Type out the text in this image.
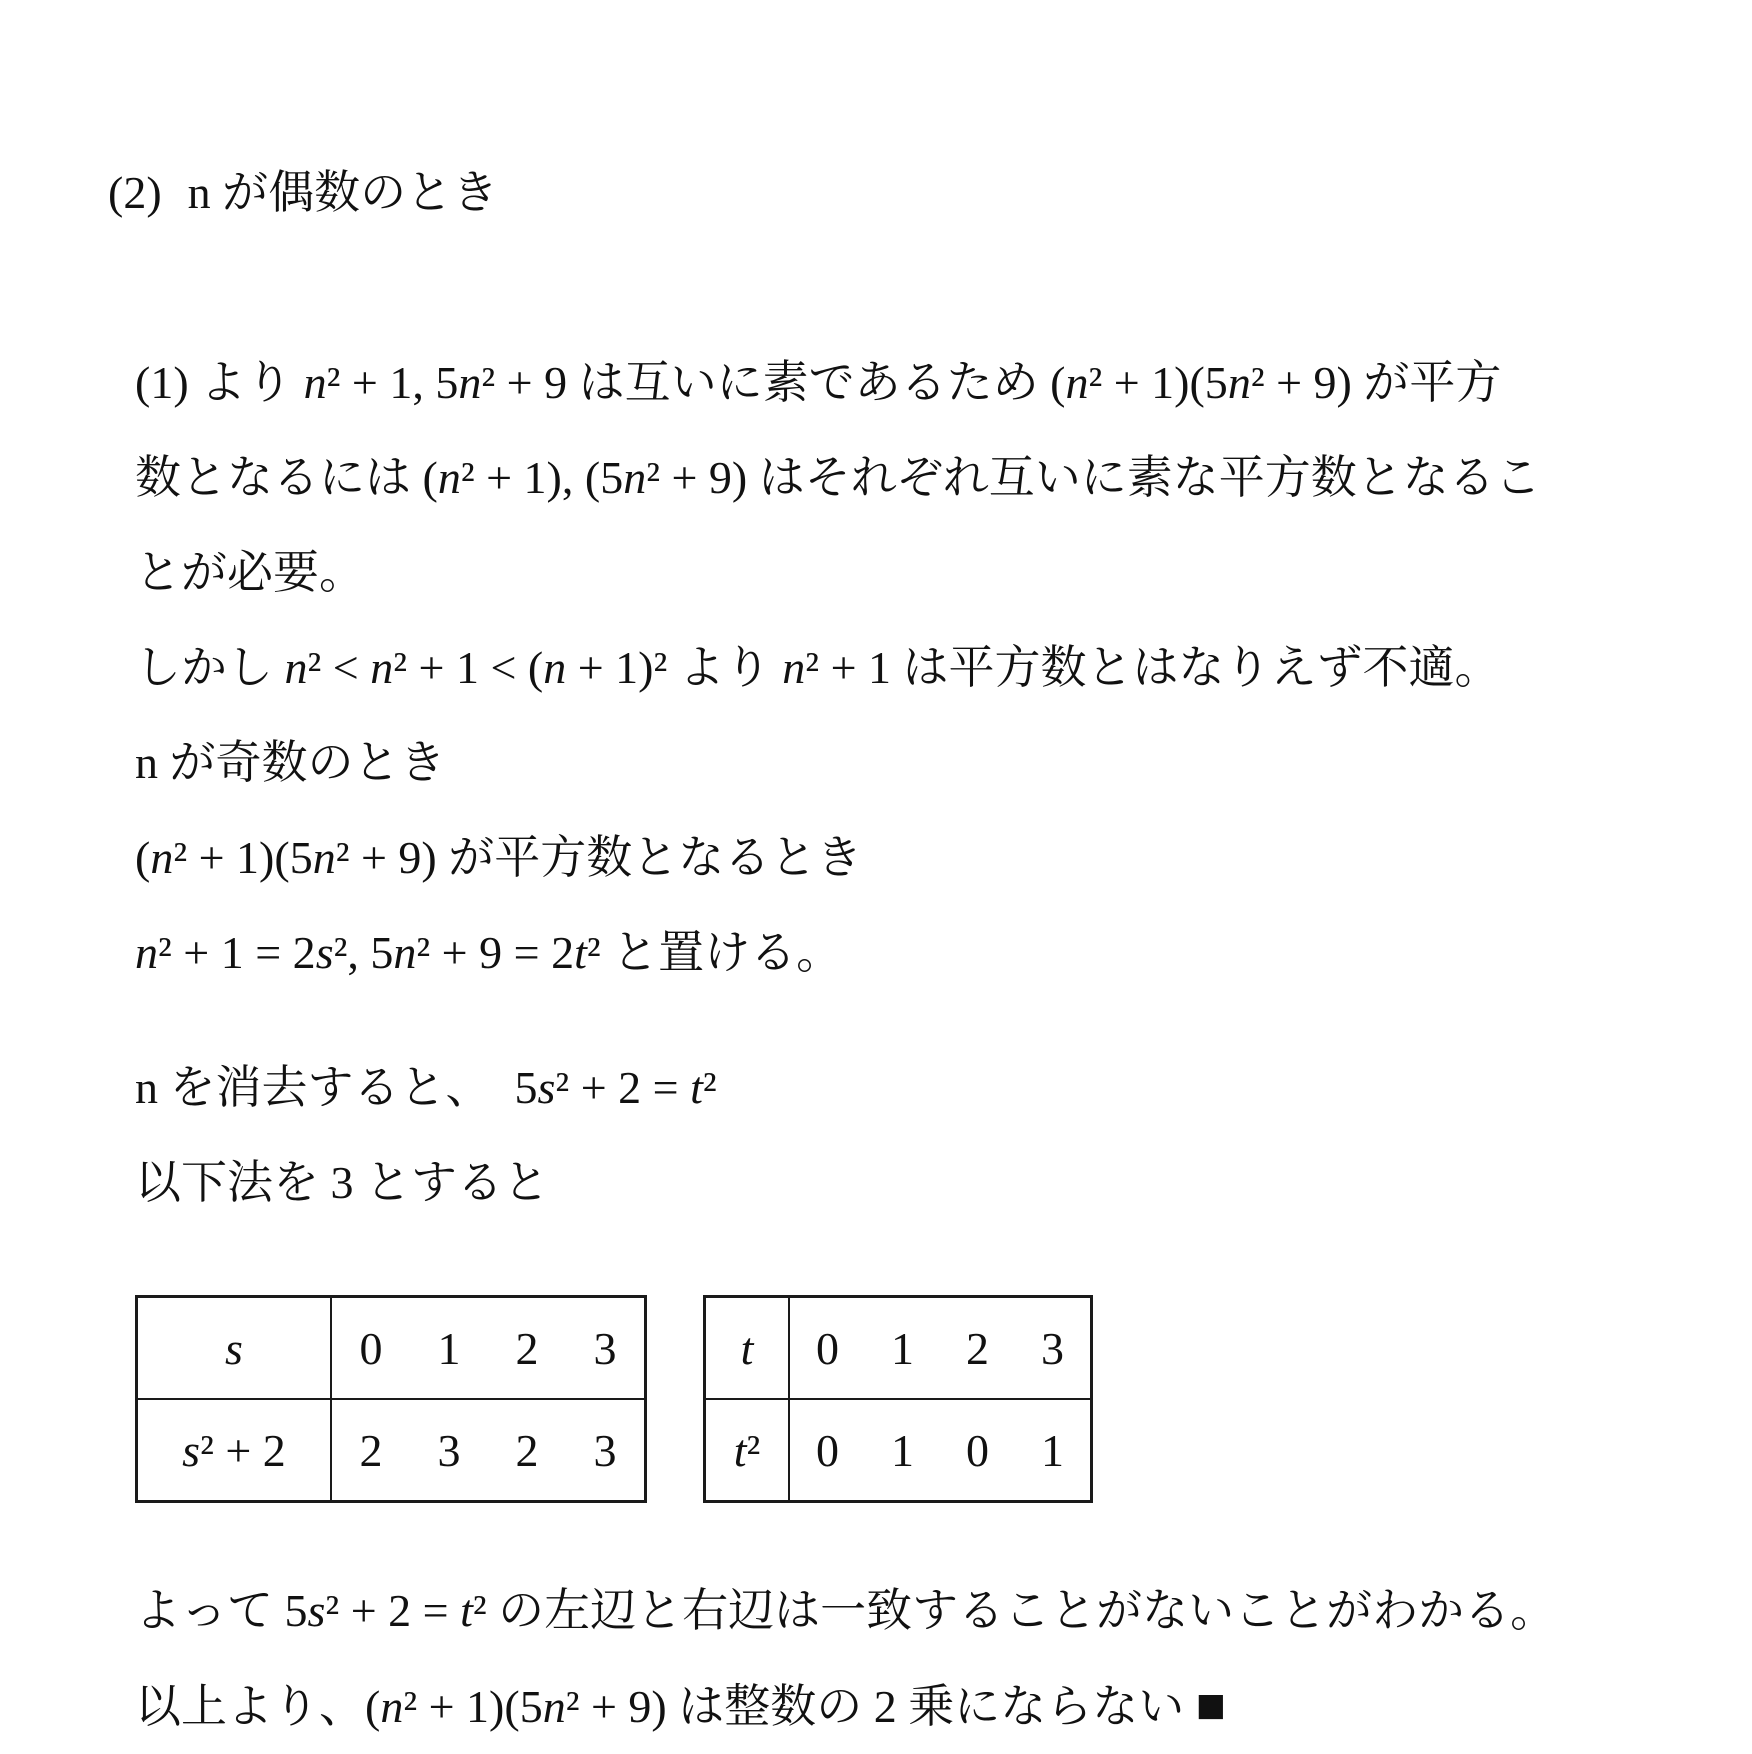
(2) n が偶数のとき

(1) より n² + 1, 5n² + 9 は互いに素であるため (n² + 1)(5n² + 9) が平方
数となるには (n² + 1), (5n² + 9) はそれぞれ互いに素な平方数となるこ
とが必要。
しかし n² < n² + 1 < (n + 1)² より n² + 1 は平方数とはなりえず不適。
n が奇数のとき
(n² + 1)(5n² + 9) が平方数となるとき
n² + 1 = 2s², 5n² + 9 = 2t² と置ける。
n を消去すると、　5s² + 2 = t²
以下法を 3 とすると
s	0	1	2	3
s ² + 2	2	3	2	3
t	0	1	2	3
t ²	0	1	0	1
よって 5s² + 2 = t² の左辺と右辺は一致することがないことがわかる。
以上より、(n² + 1)(5n² + 9) は整数の 2 乗にならない ■
